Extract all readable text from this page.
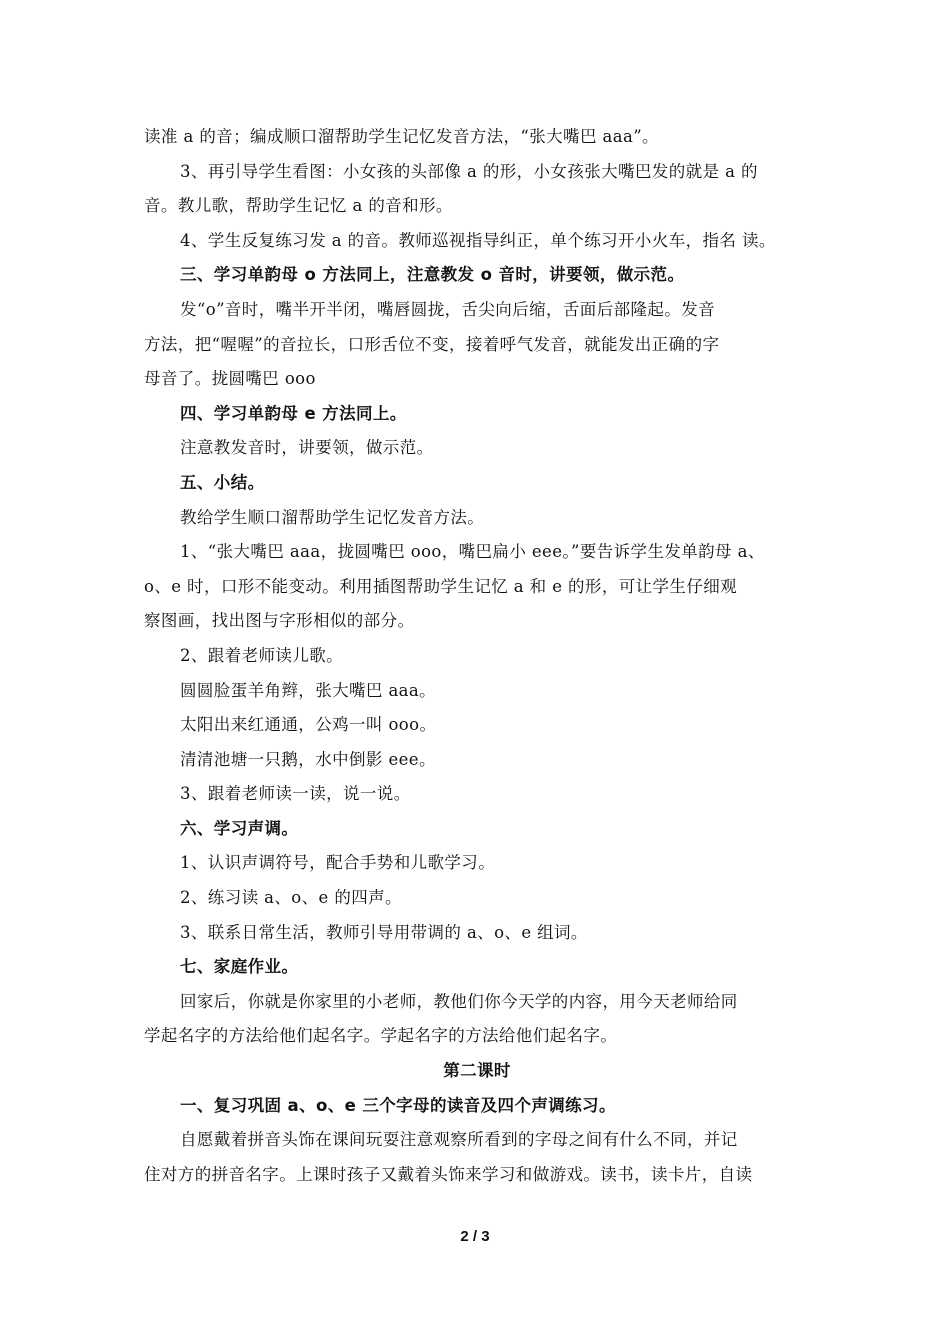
读准 a 的音；编成顺口溜帮助学生记忆发音方法，“张大嘴巴 aaa”。

3、再引导学生看图：小女孩的头部像 a 的形，小女孩张大嘴巴发的就是 a 的

音。教儿歌，帮助学生记忆 a 的音和形。

4、学生反复练习发 a 的音。教师巡视指导纠正，单个练习开小火车，指名 读。

三、学习单韵母 o 方法同上，注意教发 o 音时，讲要领，做示范。

发“o”音时，嘴半开半闭，嘴唇圆拢，舌尖向后缩，舌面后部隆起。发音

方法，把“喔喔”的音拉长，口形舌位不变，接着呼气发音，就能发出正确的字

母音了。拢圆嘴巴 ooo

四、学习单韵母 e 方法同上。

注意教发音时，讲要领，做示范。

五、小结。

教给学生顺口溜帮助学生记忆发音方法。

1、“张大嘴巴 aaa，拢圆嘴巴 ooo，嘴巴扁小 eee。”要告诉学生发单韵母 a、

o、e 时，口形不能变动。利用插图帮助学生记忆 a 和 e 的形，可让学生仔细观

察图画，找出图与字形相似的部分。

2、跟着老师读儿歌。

圆圆脸蛋羊角辫，张大嘴巴 aaa。

太阳出来红通通，公鸡一叫 ooo。

清清池塘一只鹅，水中倒影 eee。

3、跟着老师读一读，说一说。

六、学习声调。

1、认识声调符号，配合手势和儿歌学习。

2、练习读 a、o、e 的四声。

3、联系日常生活，教师引导用带调的 a、o、e 组词。

七、家庭作业。

回家后，你就是你家里的小老师，教他们你今天学的内容，用今天老师给同

学起名字的方法给他们起名字。学起名字的方法给他们起名字。

第二课时

一、复习巩固 a、o、e 三个字母的读音及四个声调练习。

自愿戴着拼音头饰在课间玩耍注意观察所看到的字母之间有什么不同，并记

住对方的拼音名字。上课时孩子又戴着头饰来学习和做游戏。读书，读卡片，自读

2 / 3
